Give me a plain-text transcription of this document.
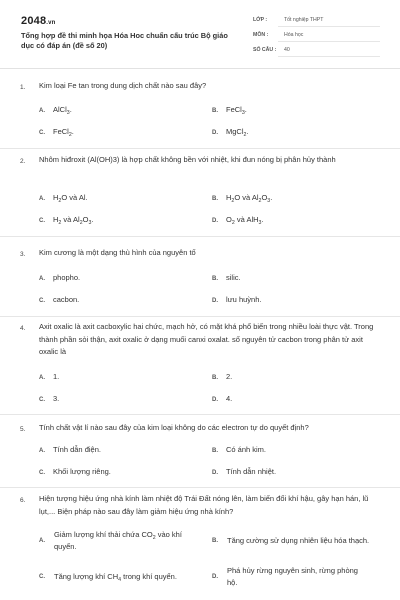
2048.vn
Tổng hợp đề thi minh họa Hóa Hoc chuẩn cấu trúc Bộ giáo dục có đáp án (đề số 20)
LỚP :	Tốt nghiệp THPT
MÔN :	Hóa học
SỐ CÂU : 40
1. Kim loại Fe tan trong dung dịch chất nào sau đây?
A. AlCl$_3$.	B. FeCl$_3$.
C. FeCl$_2$.	D. MgCl$_2$.
2. Nhôm hiđroxit (Al(OH)3) là hợp chất không bền với nhiệt, khi đun nóng bị phân hủy thành
A. $H_2O$ và Al.	B. $H_2O$ và $Al_2O_3$.
C. $H_2$ và $Al_2O_3$.	D. $O_2$ và AlH$_3$.
3. Kim cương là một dạng thù hình của nguyên tố
A. phopho.	B. silic.
C. cacbon.	D. lưu huỳnh.
4. Axit oxalic là axit cacboxylic hai chức, mạch hở, có mặt khá phổ biến trong nhiều loài thực vật. Trong thành phần sỏi thận, axit oxalic ở dạng muối canxi oxalat. số nguyên tử cacbon trong phân tử axit oxalic là
A. 1.	B. 2.
C. 3.	D. 4.
5. Tính chất vật lí nào sau đây của kim loại không do các electron tự do quyết định?
A. Tính dẫn điện.	B. Có ánh kim.
C. Khối lượng riêng.	D. Tính dẫn nhiệt.
6. Hiện tượng hiệu ứng nhà kính làm nhiệt độ Trái Đất nóng lên, làm biến đổi khí hậu, gây hạn hán, lũ lụt,... Biện pháp nào sau đây làm giảm hiệu ứng nhà kính?
A.
Giảm lượng khí thải chứa $CO_2$ vào khí quyển.
B.	Tăng cường sử dụng nhiên liệu hóa thạch.
C.	Tăng lượng khí $CH_4$ trong khí quyển.	D.
Phá hủy rừng nguyên sinh, rừng phòng hộ.
